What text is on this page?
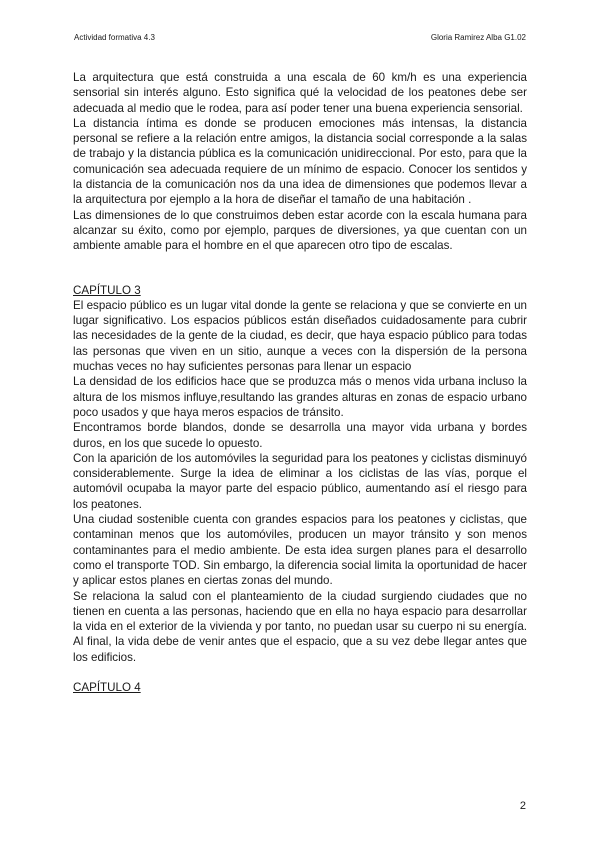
Actividad formativa 4.3	Gloria Ramirez Alba G1.02

La arquitectura que está construida a una escala de 60 km/h es una experiencia sensorial sin interés alguno. Esto significa qué la velocidad de los peatones debe ser adecuada al medio que le rodea, para así poder tener una buena experiencia sensorial.

La distancia íntima es donde se producen emociones más intensas, la distancia personal se refiere a la relación entre amigos, la distancia social corresponde a la salas de trabajo y la distancia pública es la comunicación unidireccional. Por esto, para que la comunicación sea adecuada requiere de un mínimo de espacio. Conocer los sentidos y la distancia de la comunicación nos da una idea de dimensiones que podemos llevar a la arquitectura por ejemplo a la hora de diseñar el tamaño de una habitación .

Las dimensiones de lo que construimos deben estar acorde con la escala humana para alcanzar su éxito, como por ejemplo, parques de diversiones, ya que cuentan con un ambiente amable para el hombre en el que aparecen otro tipo de escalas.

CAPÍTULO 3

El espacio público es un lugar vital donde la gente se relaciona y que se convierte en un lugar significativo. Los espacios públicos están diseñados cuidadosamente para cubrir las necesidades de la gente de la ciudad, es decir, que haya espacio público para todas las personas que viven en un sitio, aunque a veces con la dispersión de la persona muchas veces no hay suficientes personas para llenar un espacio

La densidad de los edificios hace que se produzca más o menos vida urbana incluso la altura de los mismos influye,resultando las grandes alturas en zonas de espacio urbano poco usados y que haya meros espacios de tránsito.

Encontramos borde blandos, donde se desarrolla una mayor vida urbana y bordes duros, en los que sucede lo opuesto.

Con la aparición de los automóviles la seguridad para los peatones y ciclistas disminuyó considerablemente. Surge la idea de eliminar a los ciclistas de las vías, porque el automóvil ocupaba la mayor parte del espacio público, aumentando así el riesgo para los peatones.

Una ciudad sostenible cuenta con grandes espacios para los peatones y ciclistas, que contaminan menos que los automóviles, producen un mayor tránsito y son menos contaminantes para el medio ambiente. De esta idea surgen planes para el desarrollo como el transporte TOD. Sin embargo, la diferencia social limita la oportunidad de hacer y aplicar estos planes en ciertas zonas del mundo.

Se relaciona la salud con el planteamiento de la ciudad surgiendo ciudades que no tienen en cuenta a las personas, haciendo que en ella no haya espacio para desarrollar la vida en el exterior de la vivienda y por tanto, no puedan usar su cuerpo ni su energía. Al final, la vida debe de venir antes que el espacio, que a su vez debe llegar antes que los edificios.

CAPÍTULO 4

2
